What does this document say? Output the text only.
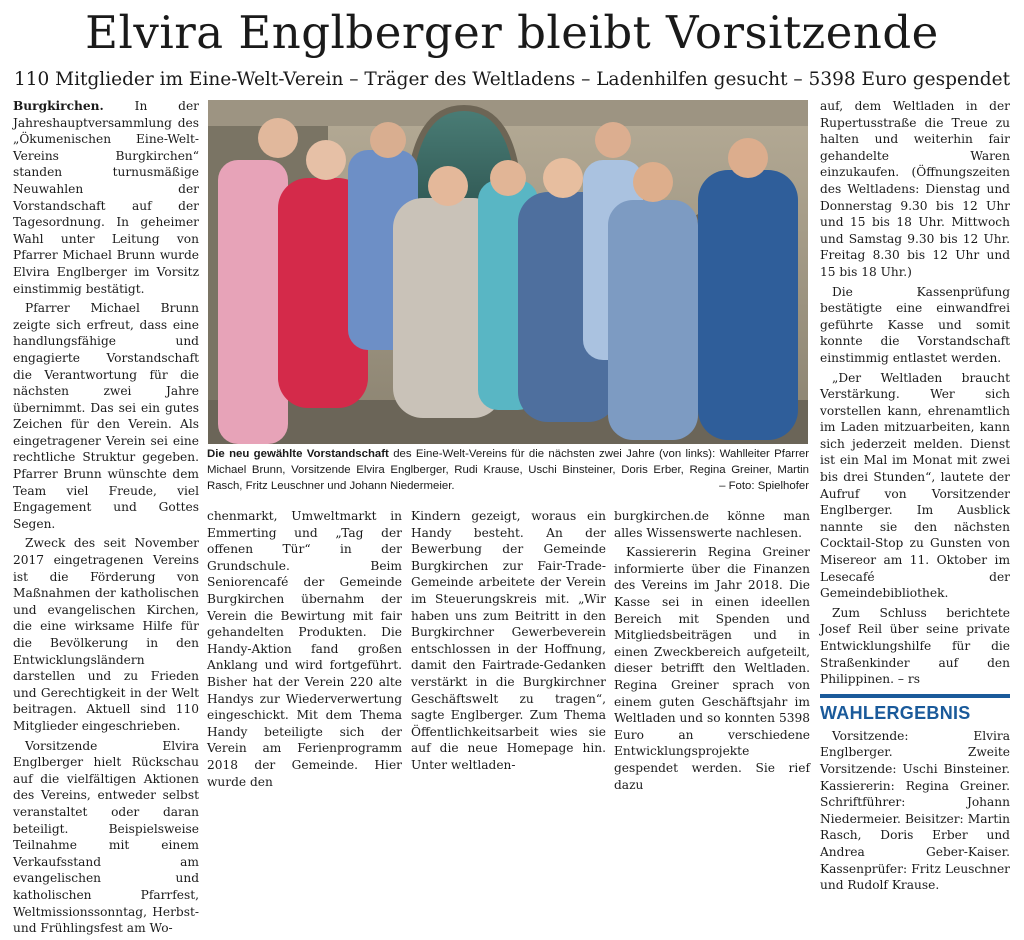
Elvira Englberger bleibt Vorsitzende
110 Mitglieder im Eine-Welt-Verein – Träger des Weltladens – Ladenhilfen gesucht – 5398 Euro gespendet

Burgkirchen.	In der Jahreshauptversammlung des „Ökumenischen Eine-Welt-Vereins Burgkirchen“ standen turnusmäßige Neuwahlen der Vorstandschaft auf der Tagesordnung. In geheimer Wahl unter Leitung von Pfarrer Michael Brunn wurde Elvira Englberger im Vorsitz einstimmig bestätigt.

Pfarrer Michael Brunn zeigte sich erfreut, dass eine handlungsfähige und engagierte Vorstandschaft die Verantwortung für die nächsten zwei Jahre übernimmt. Das sei ein gutes Zeichen für den Verein. Als eingetragener Verein sei eine rechtliche Struktur gegeben. Pfarrer Brunn wünschte dem Team viel Freude, viel Engagement und Gottes Segen.

Zweck des seit November 2017 eingetragenen Vereins ist die Förderung von Maßnahmen der katholischen und evangelischen Kirchen, die eine wirksame Hilfe für die Bevölkerung in den Entwicklungsländern darstellen und zu Frieden und Gerechtigkeit in der Welt beitragen. Aktuell sind 110 Mitglieder eingeschrieben.

Vorsitzende Elvira Englberger hielt Rückschau auf die vielfältigen Aktionen des Vereins, entweder selbst veranstaltet oder daran beteiligt. Beispielsweise Teilnahme mit einem Verkaufsstand am evangelischen und katholischen Pfarrfest, Weltmissionssonntag, Herbst- und Frühlingsfest am Wo-

Die neu gewählte Vorstandschaft des Eine-Welt-Vereins für die nächsten zwei Jahre (von links): Wahlleiter Pfarrer Michael Brunn, Vorsitzende Elvira Englberger, Rudi Krause, Uschi Binsteiner, Doris Erber, Regina Greiner, Martin Rasch, Fritz Leuschner und Johann Niedermeier.	– Foto: Spielhofer

chenmarkt, Umweltmarkt in Emmerting und „Tag der offenen Tür“ in der Grundschule. Beim Seniorencafé der Gemeinde Burgkirchen übernahm der Verein die Bewirtung mit fair gehandelten Produkten. Die Handy-Aktion fand großen Anklang und wird fortgeführt. Bisher hat der Verein 220 alte Handys zur Wiederverwertung eingeschickt. Mit dem Thema Handy beteiligte sich der Verein am Ferienprogramm 2018 der Gemeinde. Hier wurde den

Kindern gezeigt, woraus ein Handy besteht. An der Bewerbung der Gemeinde Burgkirchen zur Fair-Trade-Gemeinde arbeitete der Verein im Steuerungskreis mit. „Wir haben uns zum Beitritt in den Burgkirchner Gewerbeverein entschlossen in der Hoffnung, damit den Fairtrade-Gedanken verstärkt in die Burgkirchner Geschäftswelt zu tragen“, sagte Englberger. Zum Thema Öffentlichkeitsarbeit wies sie auf die neue Homepage hin. Unter weltladen-

burgkirchen.de könne man alles Wissenswerte nachlesen.

Kassiererin Regina Greiner informierte über die Finanzen des Vereins im Jahr 2018. Die Kasse sei in einen ideellen Bereich mit Spenden und Mitgliedsbeiträgen und in einen Zweckbereich aufgeteilt, dieser betrifft den Weltladen. Regina Greiner sprach von einem guten Geschäftsjahr im Weltladen und so konnten 5398 Euro an verschiedene Entwicklungsprojekte gespendet werden. Sie rief dazu

auf, dem Weltladen in der Rupertusstraße die Treue zu halten und weiterhin fair gehandelte Waren einzukaufen. (Öffnungszeiten des Weltladens: Dienstag und Donnerstag 9.30 bis 12 Uhr und 15 bis 18 Uhr. Mittwoch und Samstag 9.30 bis 12 Uhr. Freitag 8.30 bis 12 Uhr und 15 bis 18 Uhr.)

Die Kassenprüfung bestätigte eine einwandfrei geführte Kasse und somit konnte die Vorstandschaft einstimmig entlastet werden.

„Der Weltladen braucht Verstärkung. Wer sich vorstellen kann, ehrenamtlich im Laden mitzuarbeiten, kann sich jederzeit melden. Dienst ist ein Mal im Monat mit zwei bis drei Stunden“, lautete der Aufruf von Vorsitzender Englberger. Im Ausblick nannte sie den nächsten Cocktail-Stop zu Gunsten von Misereor am 11. Oktober im Lesecafé der Gemeindebibliothek.

Zum Schluss berichtete Josef Reil über seine private Entwicklungshilfe für die Straßenkinder auf den Philippinen. – rs

WAHLERGEBNIS

Vorsitzende: Elvira Englberger. Zweite Vorsitzende: Uschi Binsteiner. Kassiererin: Regina Greiner. Schriftführer: Johann Niedermeier. Beisitzer: Martin Rasch, Doris Erber und Andrea Geber-Kaiser. Kassenprüfer: Fritz Leuschner und Rudolf Krause.
